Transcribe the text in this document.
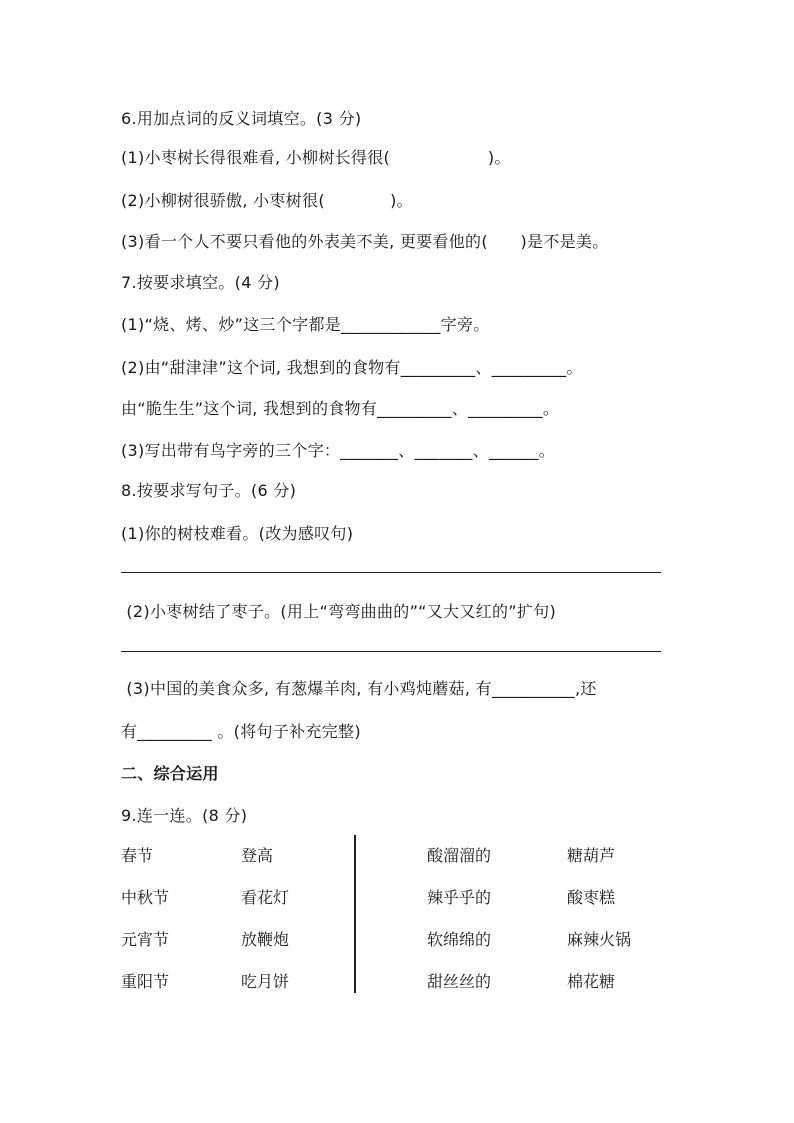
6.用加点词的反义词填空。(3 分)
(1)小枣树长得很难看, 小柳树长得很(　　　　　　)。
(2)小柳树很骄傲, 小枣树很(　　　　)。
(3)看一个人不要只看他的外表美不美, 更要看他的(　　)是不是美。
7.按要求填空。(4 分)
(1)“烧、烤、炒”这三个字都是____________字旁。
(2)由“甜津津”这个词, 我想到的食物有_________、_________。
由“脆生生”这个词, 我想到的食物有_________、_________。
(3)写出带有鸟字旁的三个字：_______、_______、______。
8.按要求写句子。(6 分)
(1)你的树枝难看。(改为感叹句)
(2)小枣树结了枣子。(用上“弯弯曲曲的”“又大又红的”扩句)
(3)中国的美食众多, 有葱爆羊肉, 有小鸡炖蘑菇, 有__________,还
有_________ 。(将句子补充完整)
二、综合运用
9.连一连。(8 分)
春节
中秋节
元宵节
重阳节
登高
看花灯
放鞭炮
吃月饼
酸溜溜的
辣乎乎的
软绵绵的
甜丝丝的
糖葫芦
酸枣糕
麻辣火锅
棉花糖
